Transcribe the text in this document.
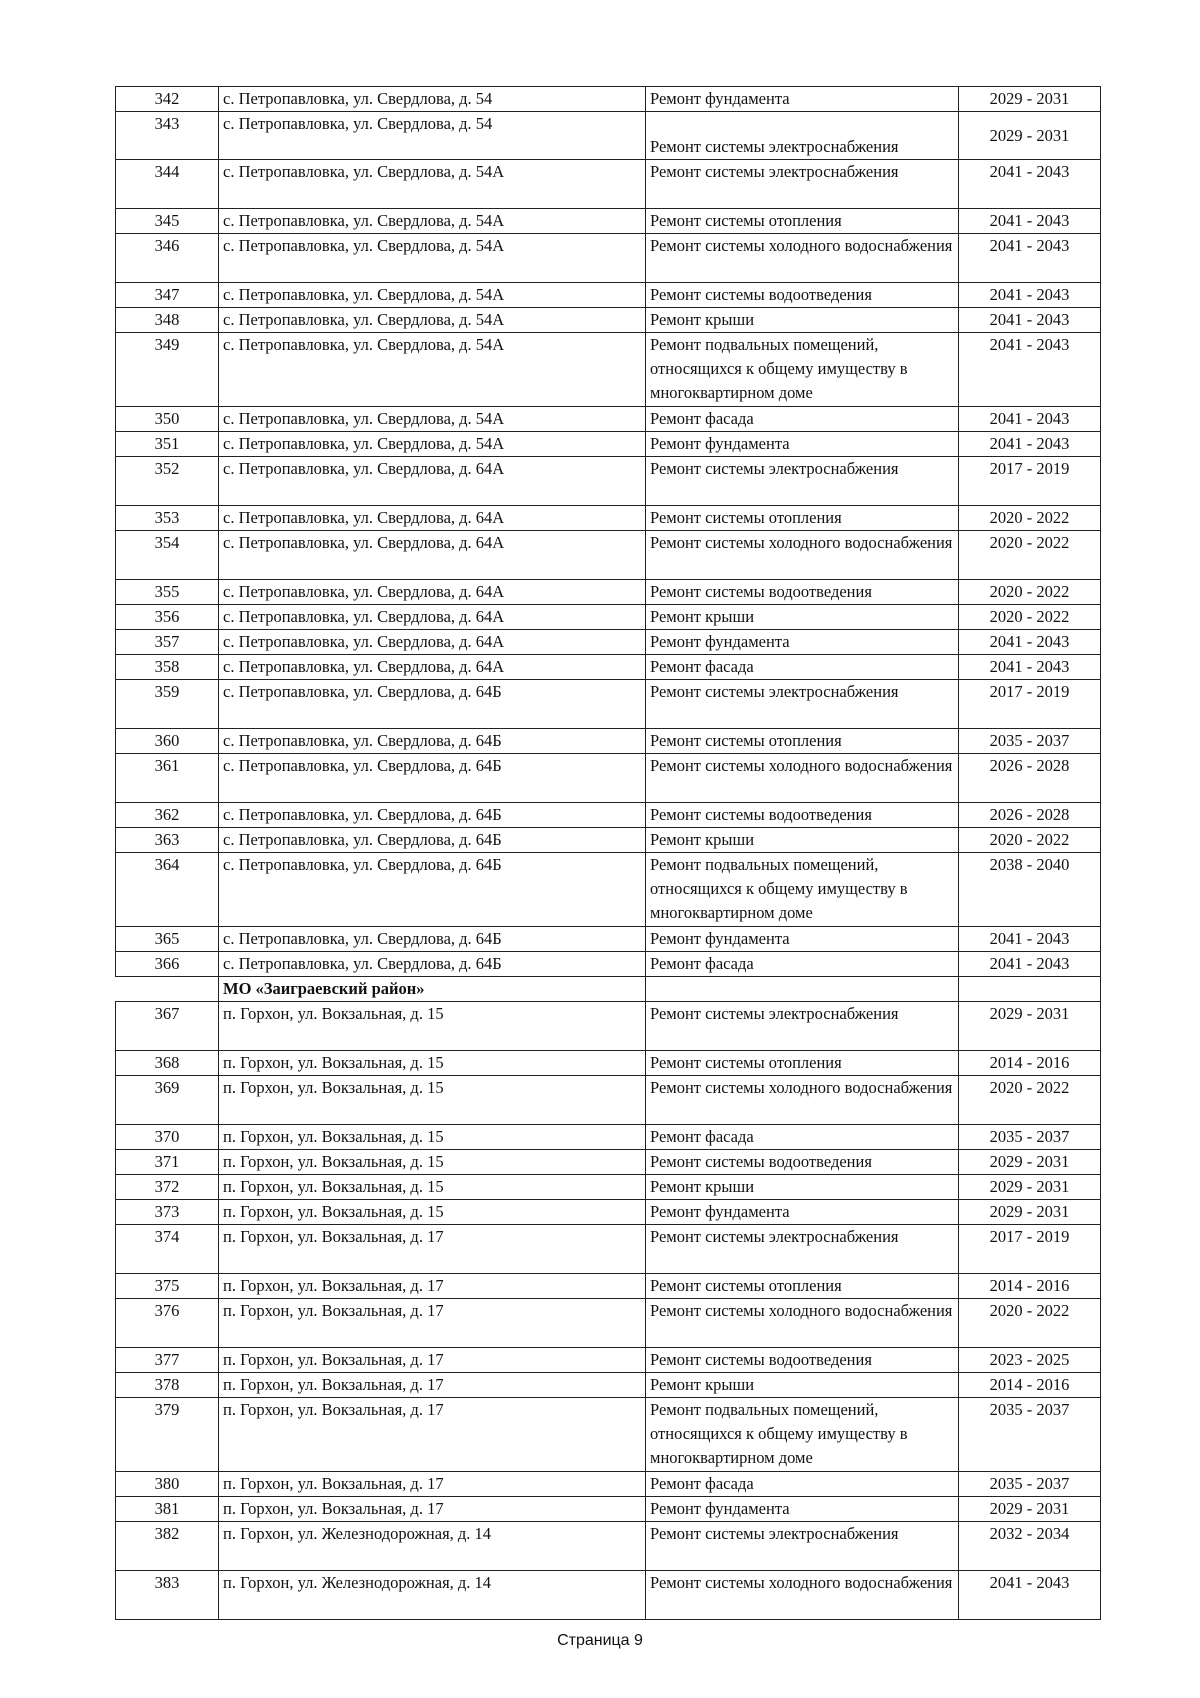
342	с. Петропавловка, ул. Свердлова, д. 54	Ремонт фундамента	2029 - 2031
343	с. Петропавловка, ул. Свердлова, д. 54	Ремонт системы электроснабжения	2029 - 2031
344	с. Петропавловка, ул. Свердлова, д. 54А	Ремонт системы электроснабжения	2041 - 2043
345	с. Петропавловка, ул. Свердлова, д. 54А	Ремонт системы отопления	2041 - 2043
346	с. Петропавловка, ул. Свердлова, д. 54А	Ремонт системы холодного водоснабжения	2041 - 2043
347	с. Петропавловка, ул. Свердлова, д. 54А	Ремонт системы водоотведения	2041 - 2043
348	с. Петропавловка, ул. Свердлова, д. 54А	Ремонт крыши	2041 - 2043
349	с. Петропавловка, ул. Свердлова, д. 54А	Ремонт подвальных помещений, относящихся к общему имуществу в многоквартирном доме	2041 - 2043
350	с. Петропавловка, ул. Свердлова, д. 54А	Ремонт фасада	2041 - 2043
351	с. Петропавловка, ул. Свердлова, д. 54А	Ремонт фундамента	2041 - 2043
352	с. Петропавловка, ул. Свердлова, д. 64А	Ремонт системы электроснабжения	2017 - 2019
353	с. Петропавловка, ул. Свердлова, д. 64А	Ремонт системы отопления	2020 - 2022
354	с. Петропавловка, ул. Свердлова, д. 64А	Ремонт системы холодного водоснабжения	2020 - 2022
355	с. Петропавловка, ул. Свердлова, д. 64А	Ремонт системы водоотведения	2020 - 2022
356	с. Петропавловка, ул. Свердлова, д. 64А	Ремонт крыши	2020 - 2022
357	с. Петропавловка, ул. Свердлова, д. 64А	Ремонт фундамента	2041 - 2043
358	с. Петропавловка, ул. Свердлова, д. 64А	Ремонт фасада	2041 - 2043
359	с. Петропавловка, ул. Свердлова, д. 64Б	Ремонт системы электроснабжения	2017 - 2019
360	с. Петропавловка, ул. Свердлова, д. 64Б	Ремонт системы отопления	2035 - 2037
361	с. Петропавловка, ул. Свердлова, д. 64Б	Ремонт системы холодного водоснабжения	2026 - 2028
362	с. Петропавловка, ул. Свердлова, д. 64Б	Ремонт системы водоотведения	2026 - 2028
363	с. Петропавловка, ул. Свердлова, д. 64Б	Ремонт крыши	2020 - 2022
364	с. Петропавловка, ул. Свердлова, д. 64Б	Ремонт подвальных помещений, относящихся к общему имуществу в многоквартирном доме	2038 - 2040
365	с. Петропавловка, ул. Свердлова, д. 64Б	Ремонт фундамента	2041 - 2043
366	с. Петропавловка, ул. Свердлова, д. 64Б	Ремонт фасада	2041 - 2043
	МО «Заиграевский район»		
367	п. Горхон, ул. Вокзальная, д. 15	Ремонт системы электроснабжения	2029 - 2031
368	п. Горхон, ул. Вокзальная, д. 15	Ремонт системы отопления	2014 - 2016
369	п. Горхон, ул. Вокзальная, д. 15	Ремонт системы холодного водоснабжения	2020 - 2022
370	п. Горхон, ул. Вокзальная, д. 15	Ремонт фасада	2035 - 2037
371	п. Горхон, ул. Вокзальная, д. 15	Ремонт системы водоотведения	2029 - 2031
372	п. Горхон, ул. Вокзальная, д. 15	Ремонт крыши	2029 - 2031
373	п. Горхон, ул. Вокзальная, д. 15	Ремонт фундамента	2029 - 2031
374	п. Горхон, ул. Вокзальная, д. 17	Ремонт системы электроснабжения	2017 - 2019
375	п. Горхон, ул. Вокзальная, д. 17	Ремонт системы отопления	2014 - 2016
376	п. Горхон, ул. Вокзальная, д. 17	Ремонт системы холодного водоснабжения	2020 - 2022
377	п. Горхон, ул. Вокзальная, д. 17	Ремонт системы водоотведения	2023 - 2025
378	п. Горхон, ул. Вокзальная, д. 17	Ремонт крыши	2014 - 2016
379	п. Горхон, ул. Вокзальная, д. 17	Ремонт подвальных помещений, относящихся к общему имуществу в многоквартирном доме	2035 - 2037
380	п. Горхон, ул. Вокзальная, д. 17	Ремонт фасада	2035 - 2037
381	п. Горхон, ул. Вокзальная, д. 17	Ремонт фундамента	2029 - 2031
382	п. Горхон, ул. Железнодорожная, д. 14	Ремонт системы электроснабжения	2032 - 2034
383	п. Горхон, ул. Железнодорожная, д. 14	Ремонт системы холодного водоснабжения	2041 - 2043
Страница 9
